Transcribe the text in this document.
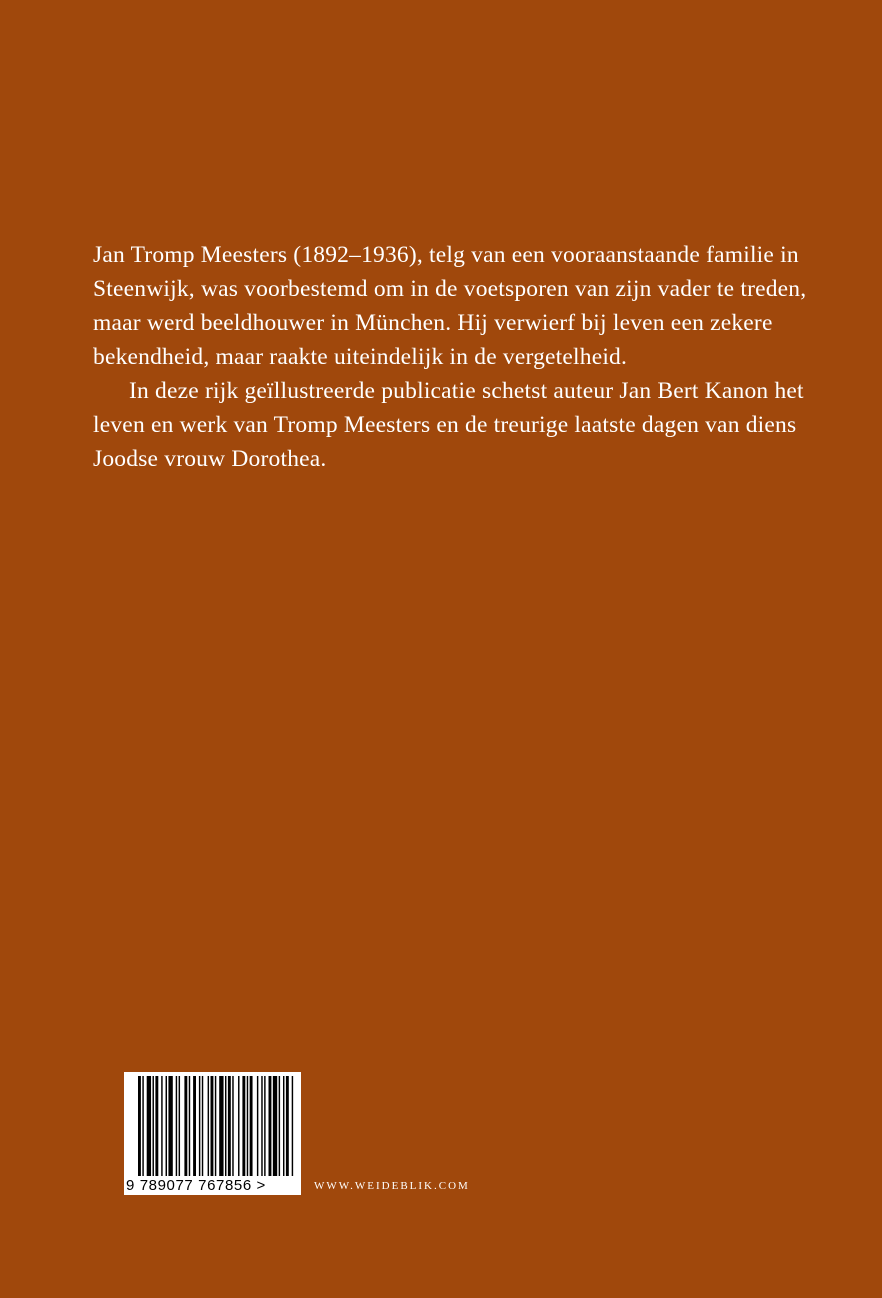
Jan Tromp Meesters (1892–1936), telg van een vooraanstaande familie in Steenwijk, was voorbestemd om in de voetsporen van zijn vader te treden, maar werd beeldhouwer in München. Hij verwierf bij leven een zekere bekendheid, maar raakte uiteindelijk in de vergetelheid.

In deze rijk geïllustreerde publicatie schetst auteur Jan Bert Kanon het leven en werk van Tromp Meesters en de treurige laatste dagen van diens Joodse vrouw Dorothea.

9 789077 767856 >	WWW.WEIDEBLIK.COM
